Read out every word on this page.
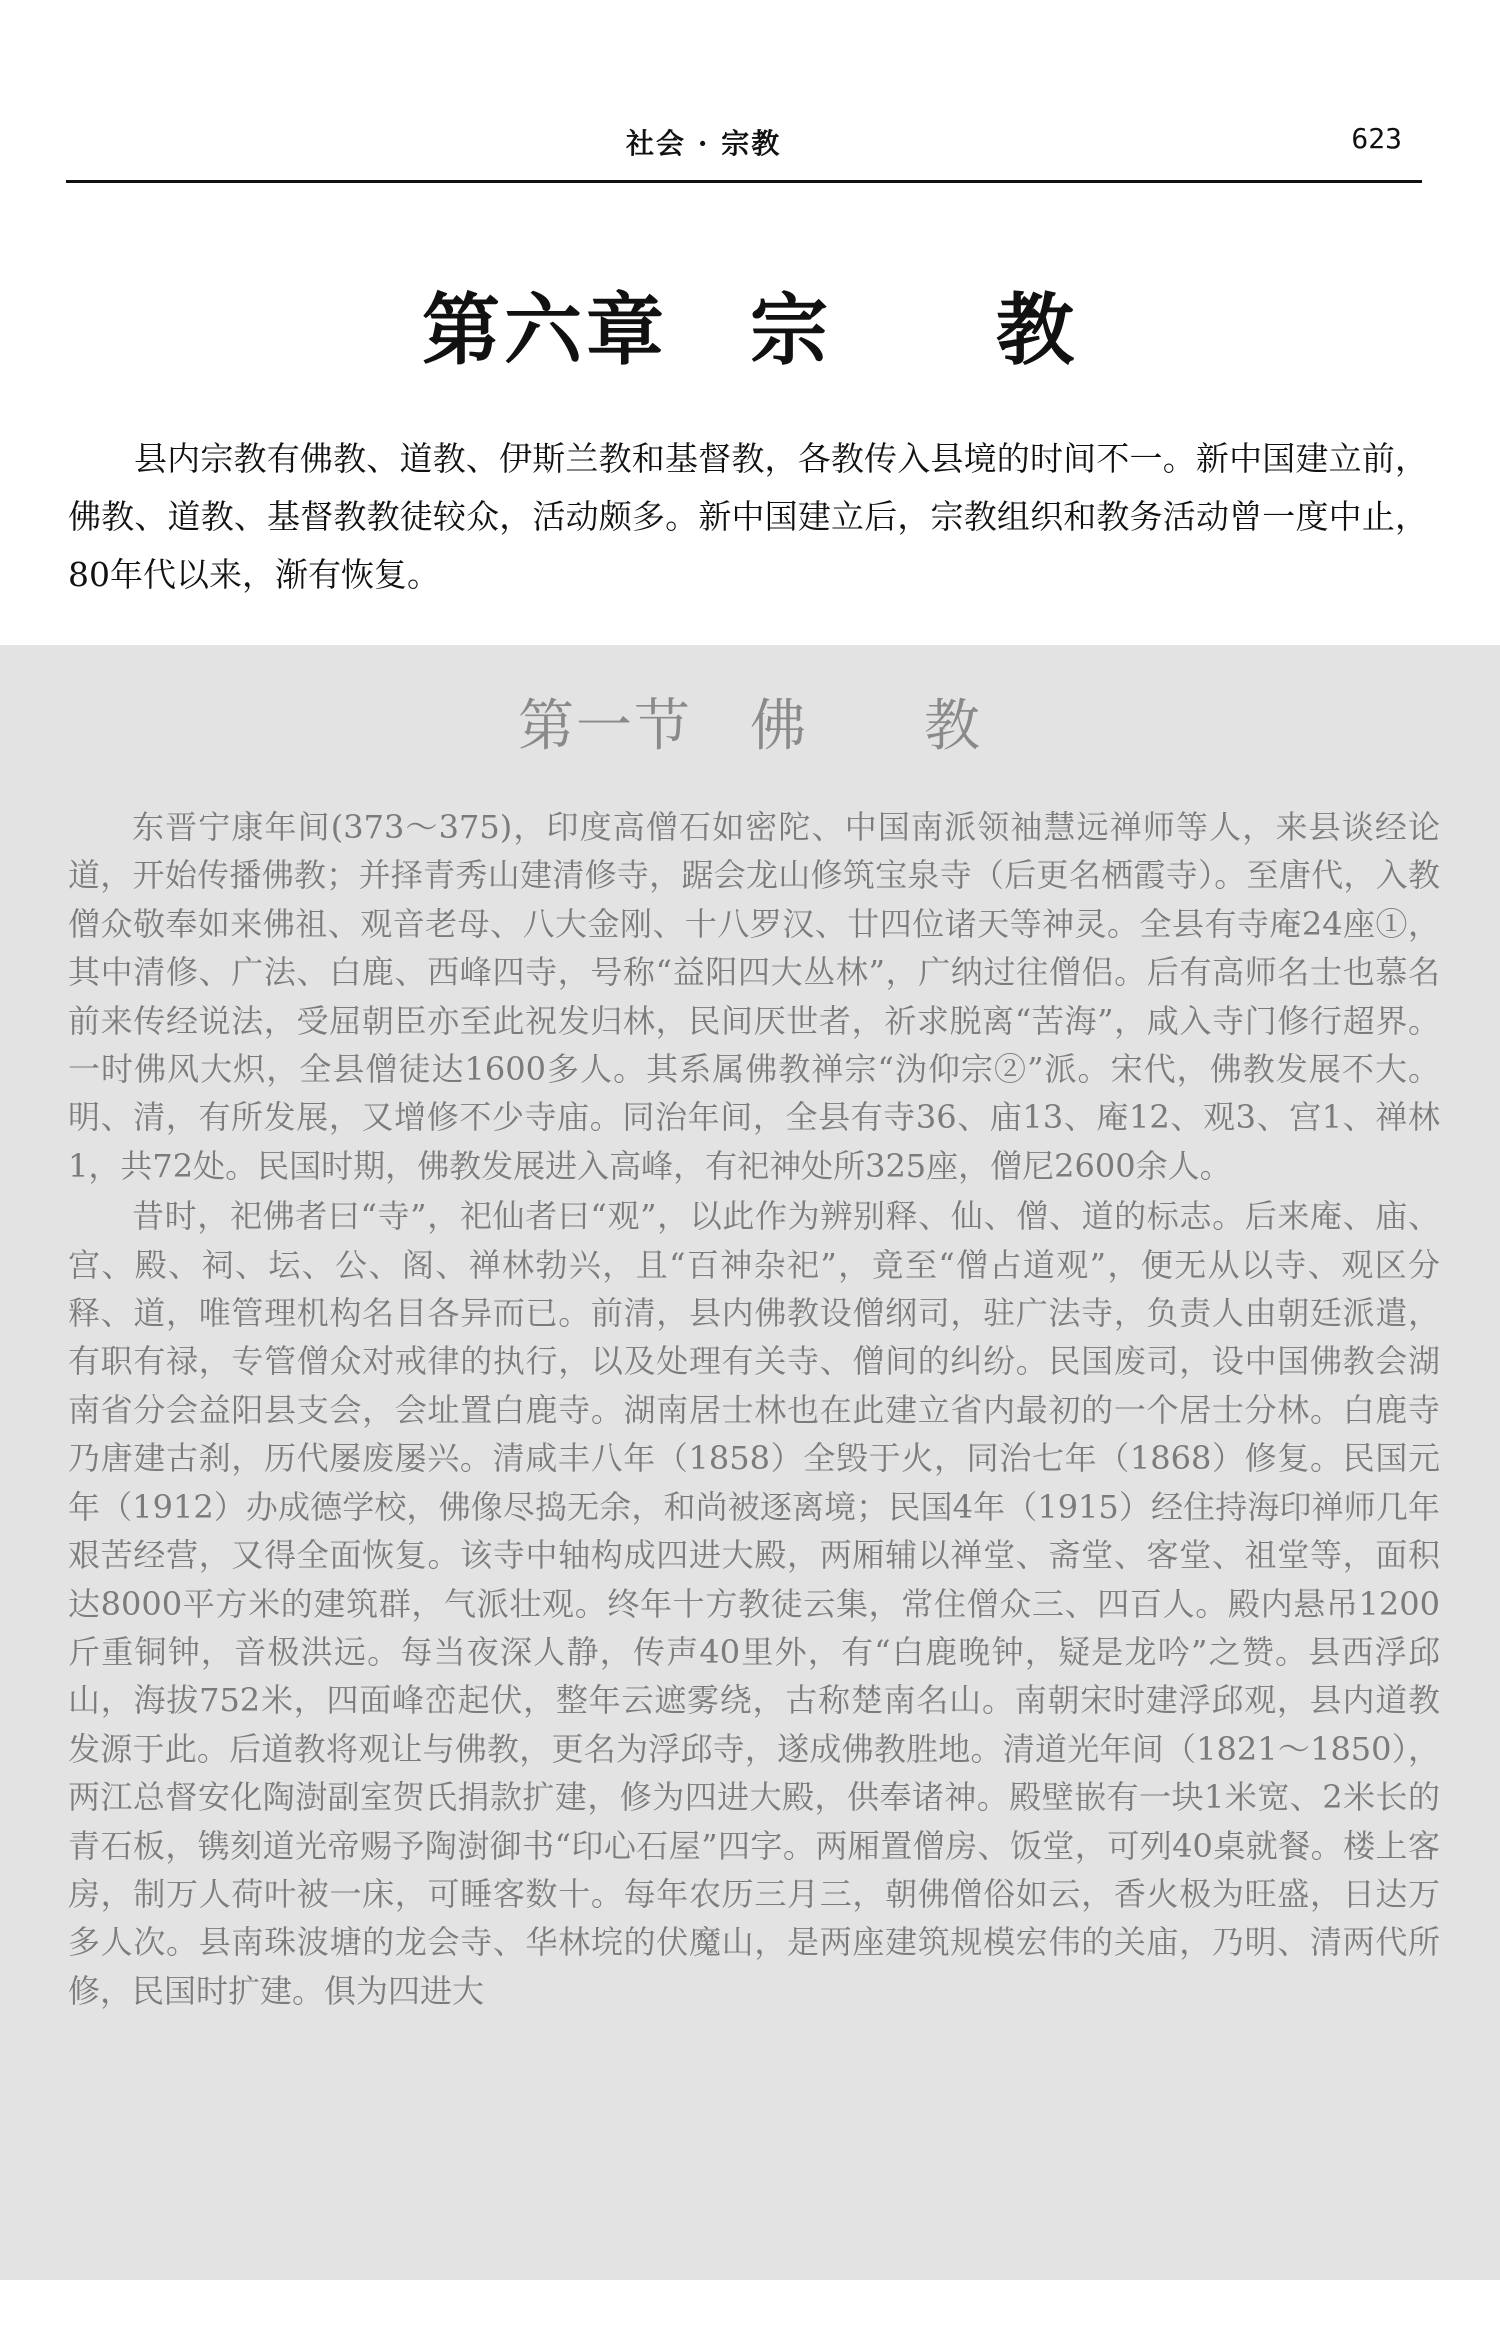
社会 · 宗教	623
第六章　宗　　教

县内宗教有佛教、道教、伊斯兰教和基督教，各教传入县境的时间不一。新中国建立前，佛教、道教、基督教教徒较众，活动颇多。新中国建立后，宗教组织和教务活动曾一度中止，80年代以来，渐有恢复。

第一节　佛　　教

东晋宁康年间(373～375)，印度高僧石如密陀、中国南派领袖慧远禅师等人，来县谈经论道，开始传播佛教；并择青秀山建清修寺，踞会龙山修筑宝泉寺（后更名栖霞寺）。至唐代，入教僧众敬奉如来佛祖、观音老母、八大金刚、十八罗汉、廿四位诸天等神灵。全县有寺庵24座①，其中清修、广法、白鹿、西峰四寺，号称“益阳四大丛林”，广纳过往僧侣。后有高师名士也慕名前来传经说法，受屈朝臣亦至此祝发归林，民间厌世者，祈求脱离“苦海”，咸入寺门修行超界。一时佛风大炽，全县僧徒达1600多人。其系属佛教禅宗“沩仰宗②”派。宋代，佛教发展不大。明、清，有所发展，又增修不少寺庙。同治年间，全县有寺36、庙13、庵12、观3、宫1、禅林1，共72处。民国时期，佛教发展进入高峰，有祀神处所325座，僧尼2600余人。

昔时，祀佛者曰“寺”，祀仙者曰“观”，以此作为辨别释、仙、僧、道的标志。后来庵、庙、宫、殿、祠、坛、公、阁、禅林勃兴，且“百神杂祀”，竟至“僧占道观”，便无从以寺、观区分释、道，唯管理机构名目各异而已。前清，县内佛教设僧纲司，驻广法寺，负责人由朝廷派遣，有职有禄，专管僧众对戒律的执行，以及处理有关寺、僧间的纠纷。民国废司，设中国佛教会湖南省分会益阳县支会，会址置白鹿寺。湖南居士林也在此建立省内最初的一个居士分林。白鹿寺乃唐建古刹，历代屡废屡兴。清咸丰八年（1858）全毁于火，同治七年（1868）修复。民国元年（1912）办成德学校，佛像尽捣无余，和尚被逐离境；民国4年（1915）经住持海印禅师几年艰苦经营，又得全面恢复。该寺中轴构成四进大殿，两厢辅以禅堂、斋堂、客堂、祖堂等，面积达8000平方米的建筑群，气派壮观。终年十方教徒云集，常住僧众三、四百人。殿内悬吊1200斤重铜钟，音极洪远。每当夜深人静，传声40里外，有“白鹿晚钟，疑是龙吟”之赞。县西浮邱山，海拔752米，四面峰峦起伏，整年云遮雾绕，古称楚南名山。南朝宋时建浮邱观，县内道教发源于此。后道教将观让与佛教，更名为浮邱寺，遂成佛教胜地。清道光年间（1821～1850），两江总督安化陶澍副室贺氏捐款扩建，修为四进大殿，供奉诸神。殿壁嵌有一块1米宽、2米长的青石板，镌刻道光帝赐予陶澍御书“印心石屋”四字。两厢置僧房、饭堂，可列40桌就餐。楼上客房，制万人荷叶被一床，可睡客数十。每年农历三月三，朝佛僧俗如云，香火极为旺盛，日达万多人次。县南珠波塘的龙会寺、华林垸的伏魔山，是两座建筑规模宏伟的关庙，乃明、清两代所修，民国时扩建。俱为四进大
